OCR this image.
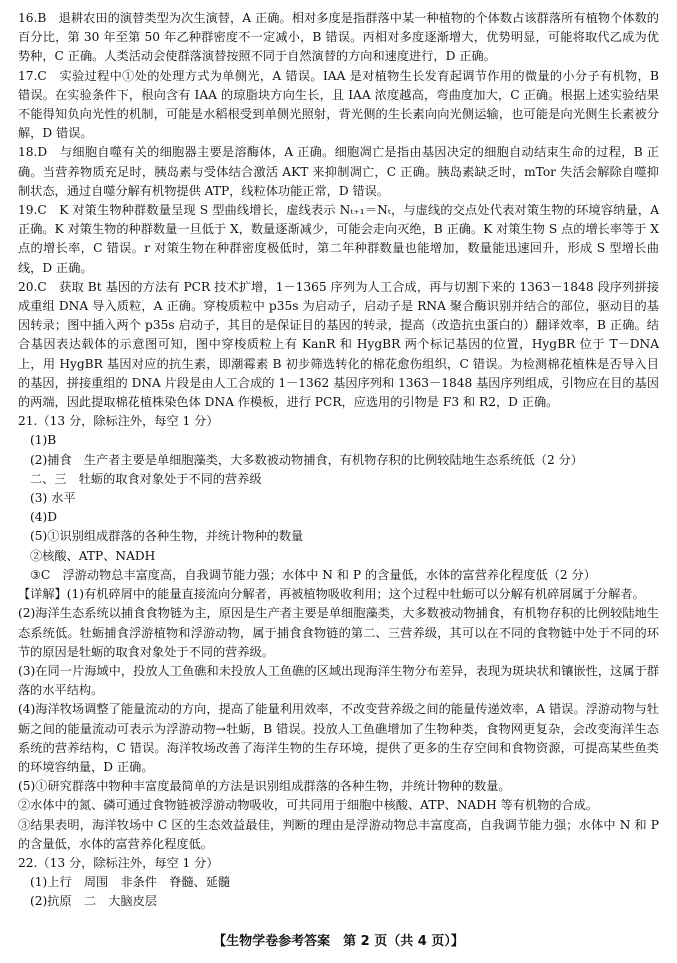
16.B　退耕农田的演替类型为次生演替，A 正确。相对多度是指群落中某一种植物的个体数占该群落所有植物个体数的百分比，第 30 年至第 50 年乙种群密度不一定减小，B 错误。丙相对多度逐渐增大，优势明显，可能将取代乙成为优势种，C 正确。人类活动会使群落演替按照不同于自然演替的方向和速度进行，D 正确。
17.C　实验过程中①处的处理方式为单侧光，A 错误。IAA 是对植物生长发育起调节作用的微量的小分子有机物，B 错误。在实验条件下，根向含有 IAA 的琼脂块方向生长，且 IAA 浓度越高，弯曲度加大，C 正确。根据上述实验结果不能得知负向光性的机制，可能是水稻根受到单侧光照射，背光侧的生长素向向光侧运输，也可能是向光侧生长素被分解，D 错误。
18.D　与细胞自噬有关的细胞器主要是溶酶体，A 正确。细胞凋亡是指由基因决定的细胞自动结束生命的过程，B 正确。当营养物质充足时，胰岛素与受体结合激活 AKT 来抑制凋亡，C 正确。胰岛素缺乏时，mTor 失活会解除自噬抑制状态，通过自噬分解有机物提供 ATP，线粒体功能正常，D 错误。
19.C　K 对策生物种群数量呈现 S 型曲线增长，虚线表示 Nₜ₊₁＝Nₜ，与虚线的交点处代表对策生物的环境容纳量，A 正确。K 对策生物的种群数量一旦低于 X，数量逐渐减少，可能会走向灭绝，B 正确。K 对策生物 S 点的增长率等于 X 点的增长率，C 错误。r 对策生物在种群密度极低时，第二年种群数量也能增加，数量能迅速回升，形成 S 型增长曲线，D 正确。
20.C　获取 Bt 基因的方法有 PCR 技术扩增，1－1365 序列为人工合成，再与切割下来的 1363－1848 段序列拼接成重组 DNA 导入质粒，A 正确。穿梭质粒中 p35s 为启动子，启动子是 RNA 聚合酶识别并结合的部位，驱动目的基因转录；图中插入两个 p35s 启动子，其目的是保证目的基因的转录，提高（改造抗虫蛋白的）翻译效率，B 正确。结合基因表达载体的示意图可知，图中穿梭质粒上有 KanR 和 HygBR 两个标记基因的位置，HygBR 位于 T－DNA 上，用 HygBR 基因对应的抗生素，即潮霉素 B 初步筛选转化的棉花愈伤组织，C 错误。为检测棉花植株是否导入目的基因，拼接重组的 DNA 片段是由人工合成的 1－1362 基因序列和 1363－1848 基因序列组成，引物应在目的基因的两端，因此提取棉花植株染色体 DNA 作模板，进行 PCR，应选用的引物是 F3 和 R2，D 正确。
21.（13 分，除标注外，每空 1 分）
(1)B
(2)捕食　生产者主要是单细胞藻类，大多数被动物捕食，有机物存积的比例较陆地生态系统低（2 分）
二、三　牡蛎的取食对象处于不同的营养级
(3) 水平
(4)D
(5)①识别组成群落的各种生物，并统计物种的数量
②核酸、ATP、NADH
③C　浮游动物总丰富度高，自我调节能力强；水体中 N 和 P 的含量低，水体的富营养化程度低（2 分）
【详解】(1)有机碎屑中的能量直接流向分解者，再被植物吸收利用；这个过程中牡蛎可以分解有机碎屑属于分解者。
(2)海洋生态系统以捕食食物链为主，原因是生产者主要是单细胞藻类，大多数被动物捕食，有机物存积的比例较陆地生态系统低。牡蛎捕食浮游植物和浮游动物，属于捕食食物链的第二、三营养级，其可以在不同的食物链中处于不同的环节的原因是牡蛎的取食对象处于不同的营养级。
(3)在同一片海域中，投放人工鱼礁和未投放人工鱼礁的区域出现海洋生物分布差异，表现为斑块状和镶嵌性，这属于群落的水平结构。
(4)海洋牧场调整了能量流动的方向，提高了能量利用效率，不改变营养级之间的能量传递效率，A 错误。浮游动物与牡蛎之间的能量流动可表示为浮游动物→牡蛎，B 错误。投放人工鱼礁增加了生物种类，食物网更复杂，会改变海洋生态系统的营养结构，C 错误。海洋牧场改善了海洋生物的生存环境，提供了更多的生存空间和食物资源，可提高某些鱼类的环境容纳量，D 正确。
(5)①研究群落中物种丰富度最简单的方法是识别组成群落的各种生物，并统计物种的数量。
②水体中的氮、磷可通过食物链被浮游动物吸收，可共同用于细胞中核酸、ATP、NADH 等有机物的合成。
③结果表明，海洋牧场中 C 区的生态效益最佳，判断的理由是浮游动物总丰富度高，自我调节能力强；水体中 N 和 P 的含量低，水体的富营养化程度低。
22.（13 分，除标注外，每空 1 分）
(1)上行　周围　非条件　脊髓、延髓
(2)抗原　二　大脑皮层
【生物学卷参考答案　第 2 页（共 4 页）】
